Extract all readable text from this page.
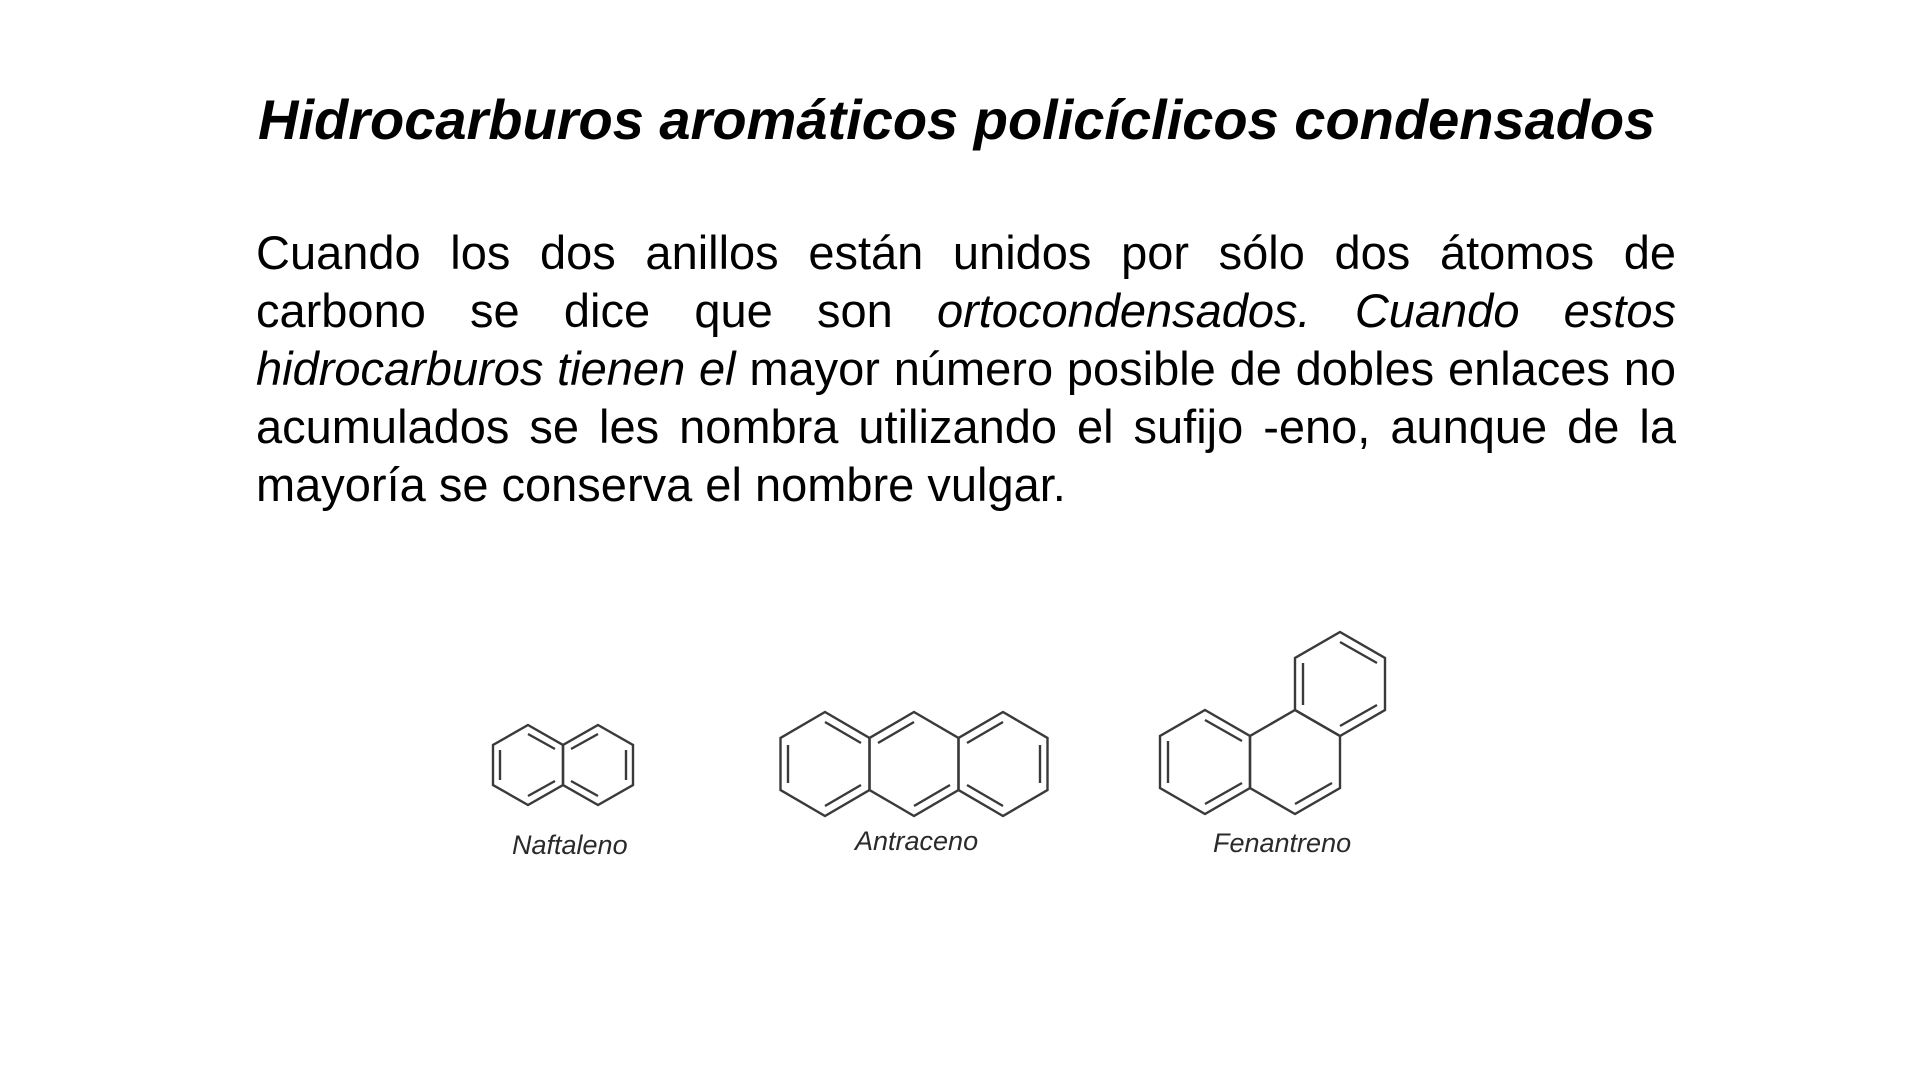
Hidrocarburos aromáticos policíclicos condensados

Cuando los dos anillos están unidos por sólo dos átomos de carbono se dice que son ortocondensados. Cuando estos hidrocarburos tienen el mayor número posible de dobles enlaces no acumulados se les nombra utilizando el sufijo -eno, aunque de la mayoría se conserva el nombre vulgar.

Naftaleno	Antraceno	Fenantreno
